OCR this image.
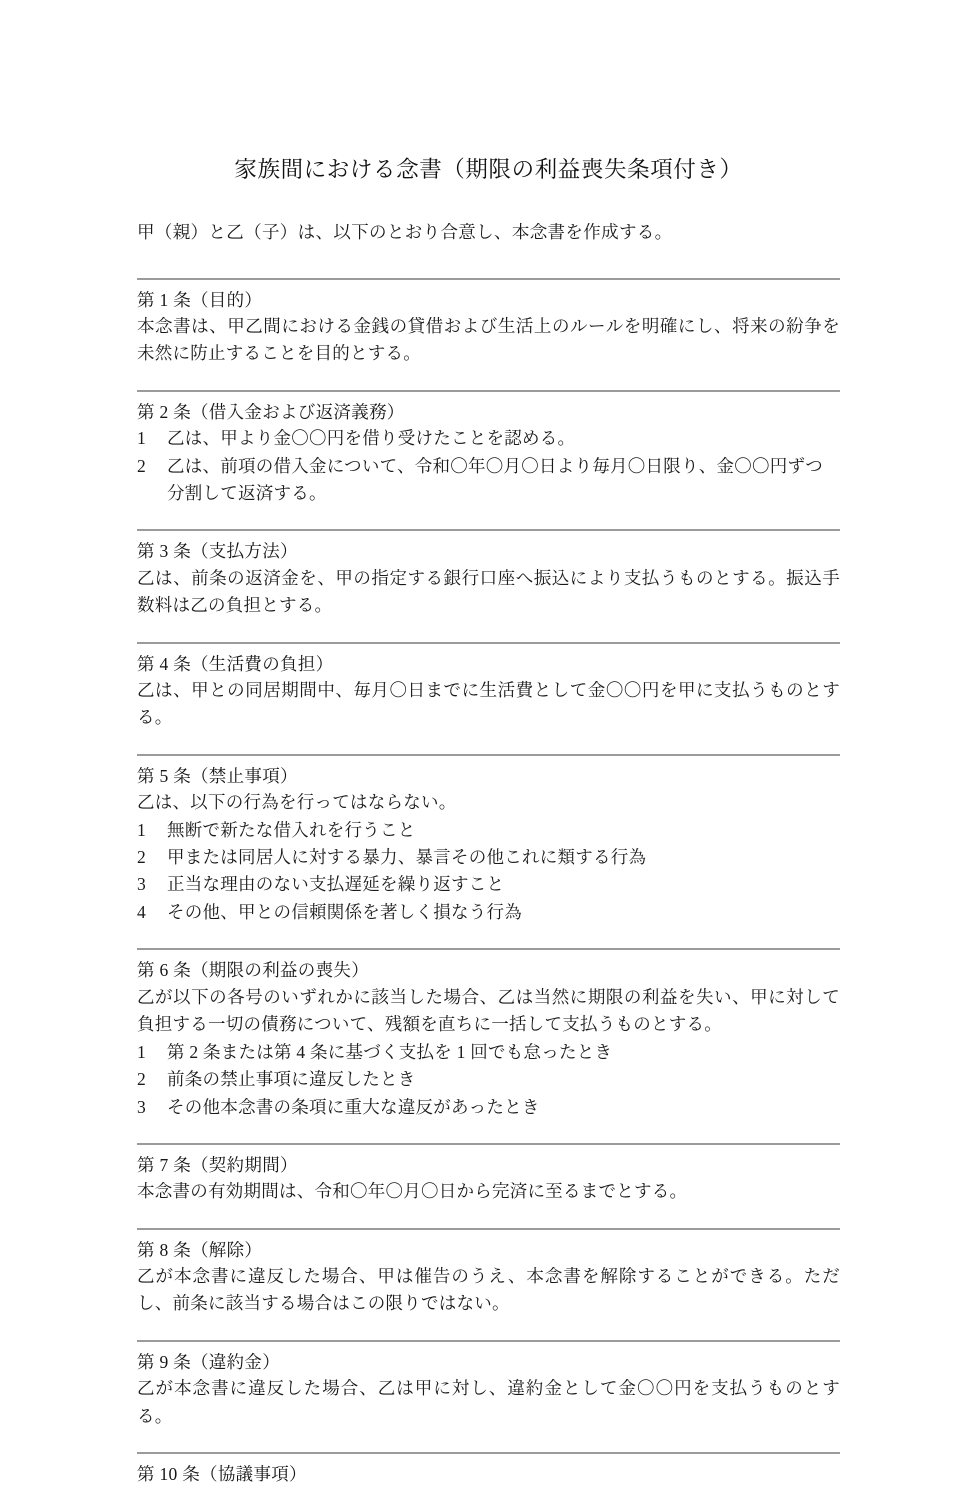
家族間における念書（期限の利益喪失条項付き）

甲（親）と乙（子）は、以下のとおり合意し、本念書を作成する。

第 1 条（目的）

本念書は、甲乙間における金銭の貸借および生活上のルールを明確にし、将来の紛争を未然に防止することを目的とする。

第 2 条（借入金および返済義務）
1	乙は、甲より金〇〇円を借り受けたことを認める。
2	乙は、前項の借入金について、令和〇年〇月〇日より毎月〇日限り、金〇〇円ずつ分割して返済する。
第 3 条（支払方法）

乙は、前条の返済金を、甲の指定する銀行口座へ振込により支払うものとする。振込手数料は乙の負担とする。

第 4 条（生活費の負担）

乙は、甲との同居期間中、毎月〇日までに生活費として金〇〇円を甲に支払うものとする。

第 5 条（禁止事項）

乙は、以下の行為を行ってはならない。

1	無断で新たな借入れを行うこと
2	甲または同居人に対する暴力、暴言その他これに類する行為
3	正当な理由のない支払遅延を繰り返すこと
4	その他、甲との信頼関係を著しく損なう行為
第 6 条（期限の利益の喪失）

乙が以下の各号のいずれかに該当した場合、乙は当然に期限の利益を失い、甲に対して負担する一切の債務について、残額を直ちに一括して支払うものとする。

1	第 2 条または第 4 条に基づく支払を 1 回でも怠ったとき
2	前条の禁止事項に違反したとき
3	その他本念書の条項に重大な違反があったとき
第 7 条（契約期間）

本念書の有効期間は、令和〇年〇月〇日から完済に至るまでとする。

第 8 条（解除）

乙が本念書に違反した場合、甲は催告のうえ、本念書を解除することができる。ただし、前条に該当する場合はこの限りではない。

第 9 条（違約金）

乙が本念書に違反した場合、乙は甲に対し、違約金として金〇〇円を支払うものとする。

第 10 条（協議事項）
